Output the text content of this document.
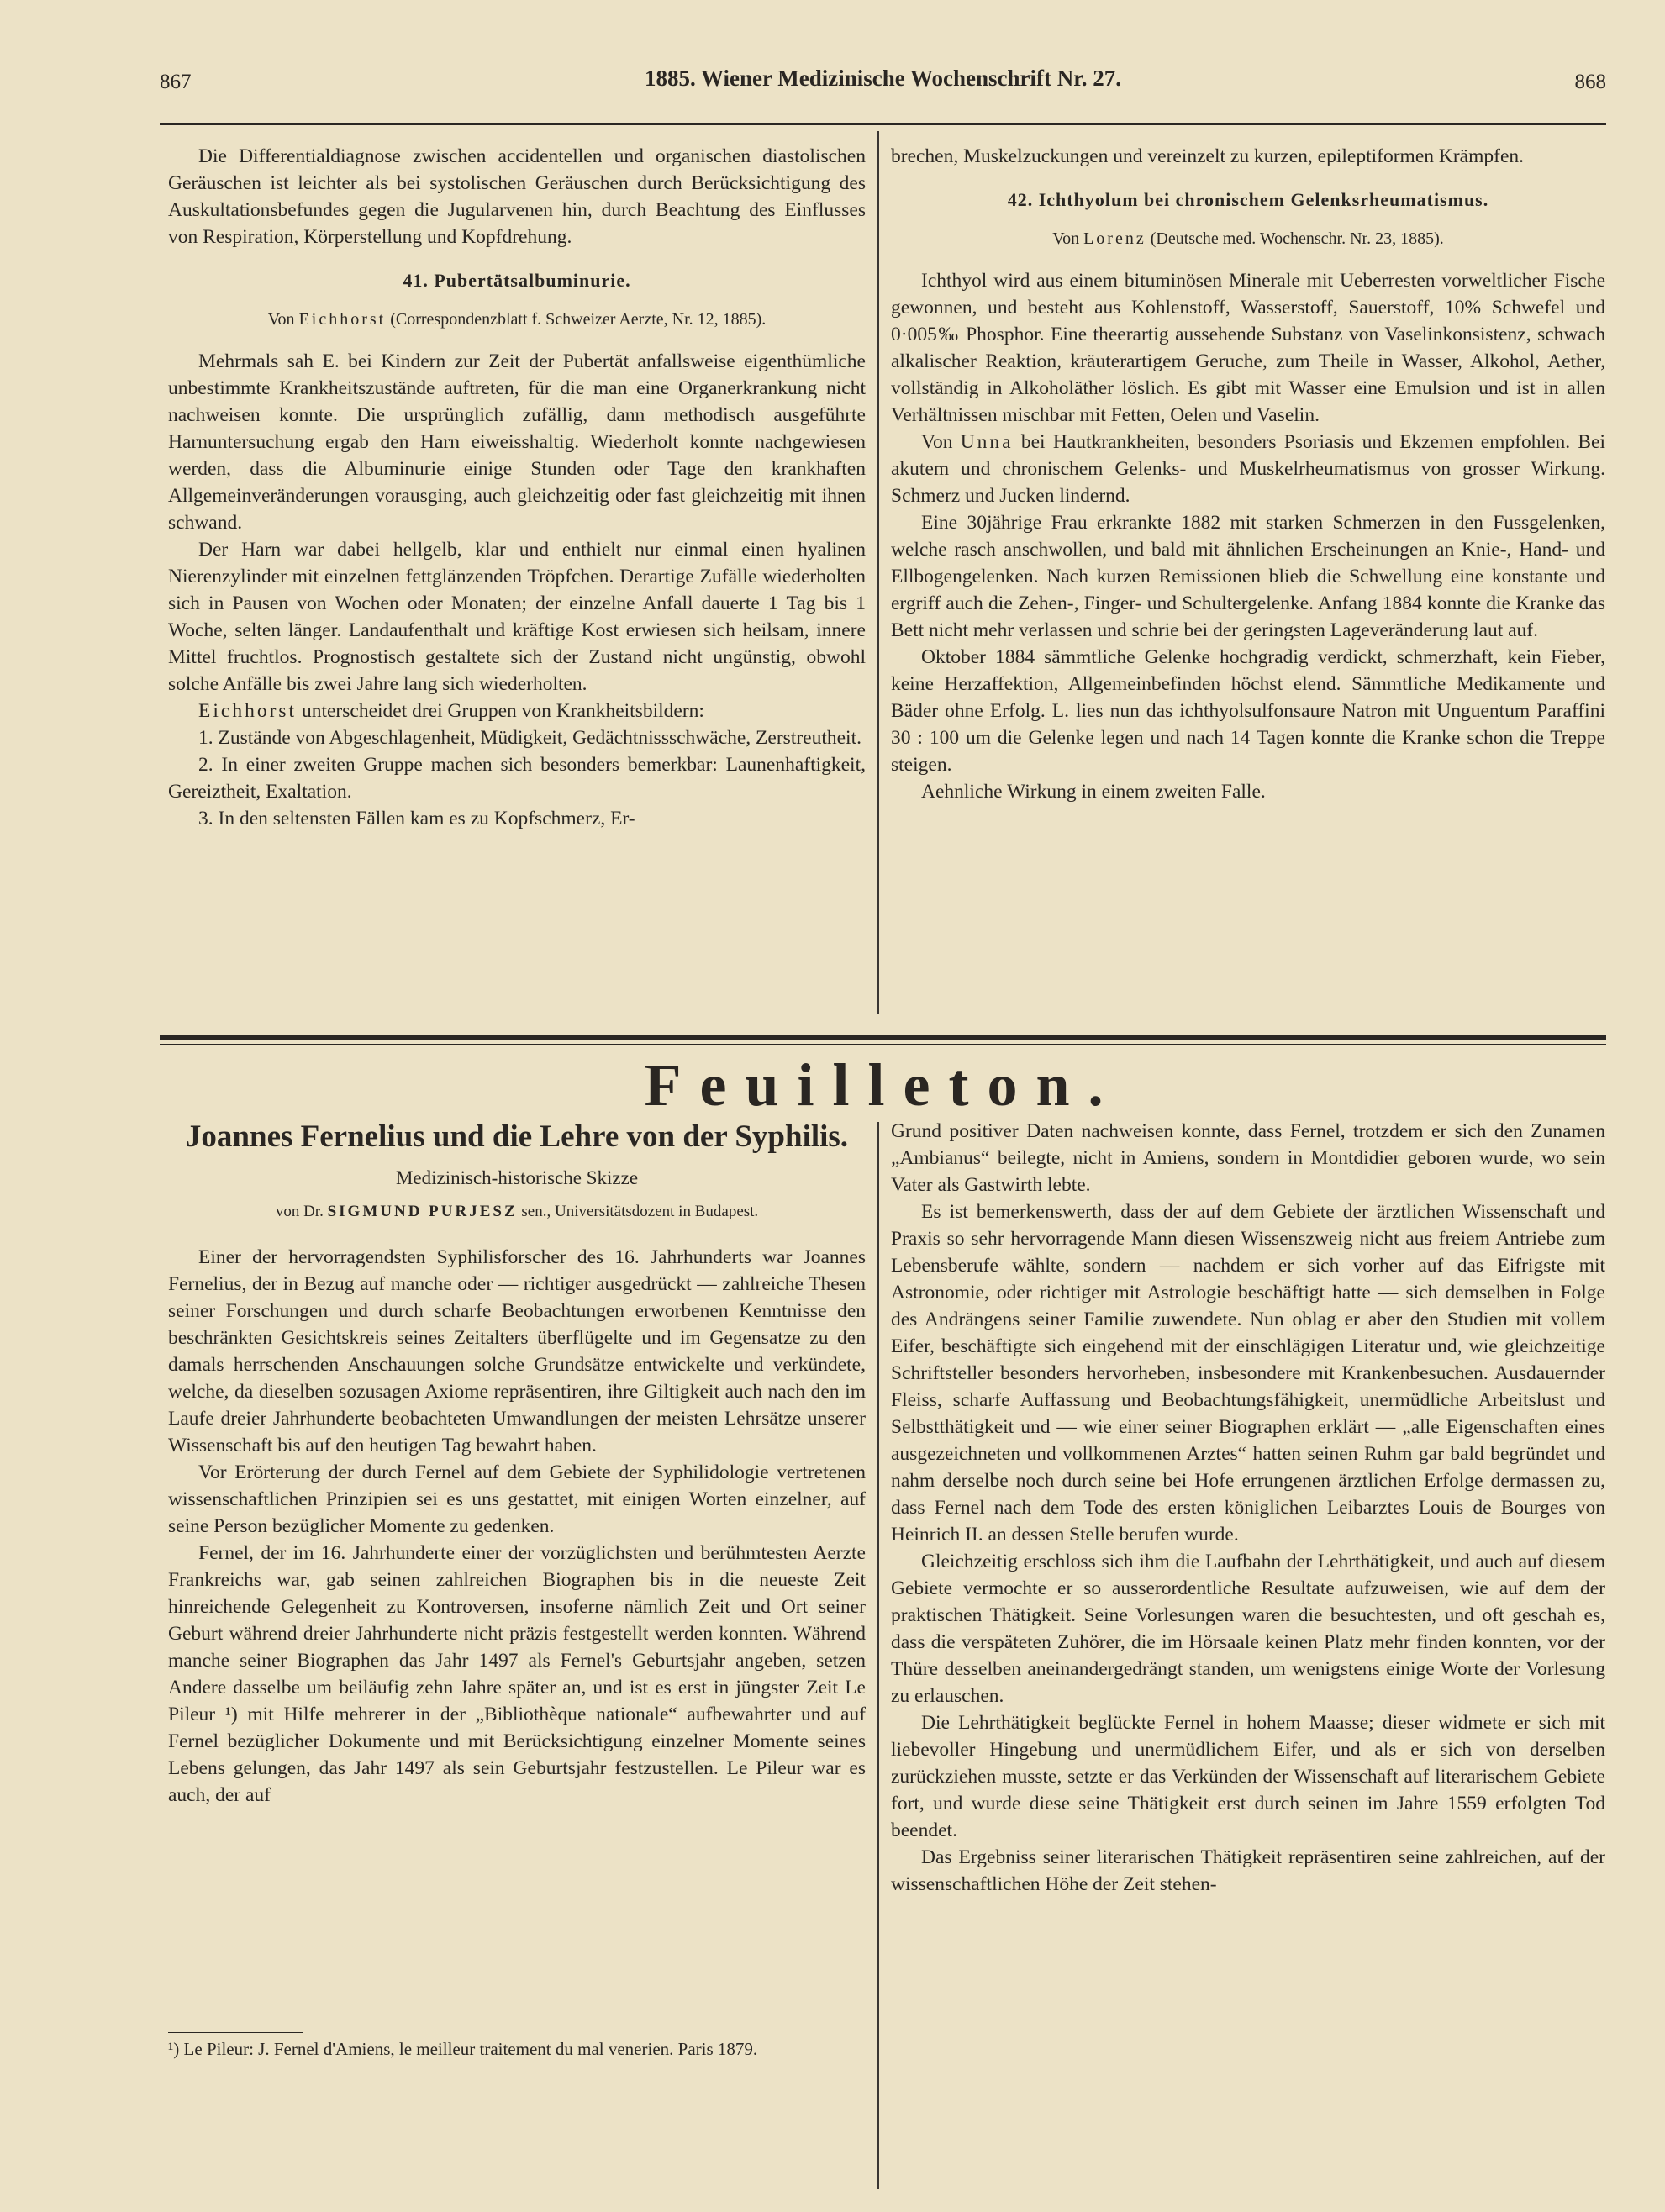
867	1885. Wiener Medizinische Wochenschrift Nr. 27.	868

Die Differentialdiagnose zwischen accidentellen und organischen diastolischen Geräuschen ist leichter als bei systolischen Geräuschen durch Berücksichtigung des Auskultationsbefundes gegen die Jugularvenen hin, durch Beachtung des Einflusses von Respiration, Körperstellung und Kopfdrehung.

41. Pubertätsalbuminurie.
Von Eichhorst (Correspondenzblatt f. Schweizer Aerzte, Nr. 12, 1885).

Mehrmals sah E. bei Kindern zur Zeit der Pubertät anfallsweise eigenthümliche unbestimmte Krankheitszustände auftreten, für die man eine Organerkrankung nicht nachweisen konnte. Die ursprünglich zufällig, dann methodisch ausgeführte Harnuntersuchung ergab den Harn eiweisshaltig. Wiederholt konnte nachgewiesen werden, dass die Albuminurie einige Stunden oder Tage den krankhaften Allgemeinveränderungen vorausging, auch gleichzeitig oder fast gleichzeitig mit ihnen schwand.

Der Harn war dabei hellgelb, klar und enthielt nur einmal einen hyalinen Nierenzylinder mit einzelnen fettglänzenden Tröpfchen. Derartige Zufälle wiederholten sich in Pausen von Wochen oder Monaten; der einzelne Anfall dauerte 1 Tag bis 1 Woche, selten länger. Landaufenthalt und kräftige Kost erwiesen sich heilsam, innere Mittel fruchtlos. Prognostisch gestaltete sich der Zustand nicht ungünstig, obwohl solche Anfälle bis zwei Jahre lang sich wiederholten.

Eichhorst unterscheidet drei Gruppen von Krankheitsbildern:

1. Zustände von Abgeschlagenheit, Müdigkeit, Gedächtnissschwäche, Zerstreutheit.

2. In einer zweiten Gruppe machen sich besonders bemerkbar: Launenhaftigkeit, Gereiztheit, Exaltation.

3. In den seltensten Fällen kam es zu Kopfschmerz, Er-

brechen, Muskelzuckungen und vereinzelt zu kurzen, epileptiformen Krämpfen.

42. Ichthyolum bei chronischem Gelenksrheumatismus.
Von Lorenz (Deutsche med. Wochenschr. Nr. 23, 1885).

Ichthyol wird aus einem bituminösen Minerale mit Ueberresten vorweltlicher Fische gewonnen, und besteht aus Kohlenstoff, Wasserstoff, Sauerstoff, 10% Schwefel und 0·005‰ Phosphor. Eine theerartig aussehende Substanz von Vaselinkonsistenz, schwach alkalischer Reaktion, kräuterartigem Geruche, zum Theile in Wasser, Alkohol, Aether, vollständig in Alkoholäther löslich. Es gibt mit Wasser eine Emulsion und ist in allen Verhältnissen mischbar mit Fetten, Oelen und Vaselin.

Von Unna bei Hautkrankheiten, besonders Psoriasis und Ekzemen empfohlen. Bei akutem und chronischem Gelenks- und Muskelrheumatismus von grosser Wirkung. Schmerz und Jucken lindernd.

Eine 30jährige Frau erkrankte 1882 mit starken Schmerzen in den Fussgelenken, welche rasch anschwollen, und bald mit ähnlichen Erscheinungen an Knie-, Hand- und Ellbogengelenken. Nach kurzen Remissionen blieb die Schwellung eine konstante und ergriff auch die Zehen-, Finger- und Schultergelenke. Anfang 1884 konnte die Kranke das Bett nicht mehr verlassen und schrie bei der geringsten Lageveränderung laut auf.

Oktober 1884 sämmtliche Gelenke hochgradig verdickt, schmerzhaft, kein Fieber, keine Herzaffektion, Allgemeinbefinden höchst elend. Sämmtliche Medikamente und Bäder ohne Erfolg. L. lies nun das ichthyolsulfonsaure Natron mit Unguentum Paraffini 30 : 100 um die Gelenke legen und nach 14 Tagen konnte die Kranke schon die Treppe steigen.

Aehnliche Wirkung in einem zweiten Falle.

Feuilleton.
Joannes Fernelius und die Lehre von der Syphilis.
Medizinisch-historische Skizze
von Dr. SIGMUND PURJESZ sen., Universitätsdozent in Budapest.

Einer der hervorragendsten Syphilisforscher des 16. Jahrhunderts war Joannes Fernelius, der in Bezug auf manche oder — richtiger ausgedrückt — zahlreiche Thesen seiner Forschungen und durch scharfe Beobachtungen erworbenen Kenntnisse den beschränkten Gesichtskreis seines Zeitalters überflügelte und im Gegensatze zu den damals herrschenden Anschauungen solche Grundsätze entwickelte und verkündete, welche, da dieselben sozusagen Axiome repräsentiren, ihre Giltigkeit auch nach den im Laufe dreier Jahrhunderte beobachteten Umwandlungen der meisten Lehrsätze unserer Wissenschaft bis auf den heutigen Tag bewahrt haben.

Vor Erörterung der durch Fernel auf dem Gebiete der Syphilidologie vertretenen wissenschaftlichen Prinzipien sei es uns gestattet, mit einigen Worten einzelner, auf seine Person bezüglicher Momente zu gedenken.

Fernel, der im 16. Jahrhunderte einer der vorzüglichsten und berühmtesten Aerzte Frankreichs war, gab seinen zahlreichen Biographen bis in die neueste Zeit hinreichende Gelegenheit zu Kontroversen, insoferne nämlich Zeit und Ort seiner Geburt während dreier Jahrhunderte nicht präzis festgestellt werden konnten. Während manche seiner Biographen das Jahr 1497 als Fernel's Geburtsjahr angeben, setzen Andere dasselbe um beiläufig zehn Jahre später an, und ist es erst in jüngster Zeit Le Pileur ¹) mit Hilfe mehrerer in der „Bibliothèque nationale“ aufbewahrter und auf Fernel bezüglicher Dokumente und mit Berücksichtigung einzelner Momente seines Lebens gelungen, das Jahr 1497 als sein Geburtsjahr festzustellen. Le Pileur war es auch, der auf

¹) Le Pileur: J. Fernel d'Amiens, le meilleur traitement du mal venerien. Paris 1879.

Grund positiver Daten nachweisen konnte, dass Fernel, trotzdem er sich den Zunamen „Ambianus“ beilegte, nicht in Amiens, sondern in Montdidier geboren wurde, wo sein Vater als Gastwirth lebte.

Es ist bemerkenswerth, dass der auf dem Gebiete der ärztlichen Wissenschaft und Praxis so sehr hervorragende Mann diesen Wissenszweig nicht aus freiem Antriebe zum Lebensberufe wählte, sondern — nachdem er sich vorher auf das Eifrigste mit Astronomie, oder richtiger mit Astrologie beschäftigt hatte — sich demselben in Folge des Andrängens seiner Familie zuwendete. Nun oblag er aber den Studien mit vollem Eifer, beschäftigte sich eingehend mit der einschlägigen Literatur und, wie gleichzeitige Schriftsteller besonders hervorheben, insbesondere mit Krankenbesuchen. Ausdauernder Fleiss, scharfe Auffassung und Beobachtungsfähigkeit, unermüdliche Arbeitslust und Selbstthätigkeit und — wie einer seiner Biographen erklärt — „alle Eigenschaften eines ausgezeichneten und vollkommenen Arztes“ hatten seinen Ruhm gar bald begründet und nahm derselbe noch durch seine bei Hofe errungenen ärztlichen Erfolge dermassen zu, dass Fernel nach dem Tode des ersten königlichen Leibarztes Louis de Bourges von Heinrich II. an dessen Stelle berufen wurde.

Gleichzeitig erschloss sich ihm die Laufbahn der Lehrthätigkeit, und auch auf diesem Gebiete vermochte er so ausserordentliche Resultate aufzuweisen, wie auf dem der praktischen Thätigkeit. Seine Vorlesungen waren die besuchtesten, und oft geschah es, dass die verspäteten Zuhörer, die im Hörsaale keinen Platz mehr finden konnten, vor der Thüre desselben aneinandergedrängt standen, um wenigstens einige Worte der Vorlesung zu erlauschen.

Die Lehrthätigkeit beglückte Fernel in hohem Maasse; dieser widmete er sich mit liebevoller Hingebung und unermüdlichem Eifer, und als er sich von derselben zurückziehen musste, setzte er das Verkünden der Wissenschaft auf literarischem Gebiete fort, und wurde diese seine Thätigkeit erst durch seinen im Jahre 1559 erfolgten Tod beendet.

Das Ergebniss seiner literarischen Thätigkeit repräsentiren seine zahlreichen, auf der wissenschaftlichen Höhe der Zeit stehen-
